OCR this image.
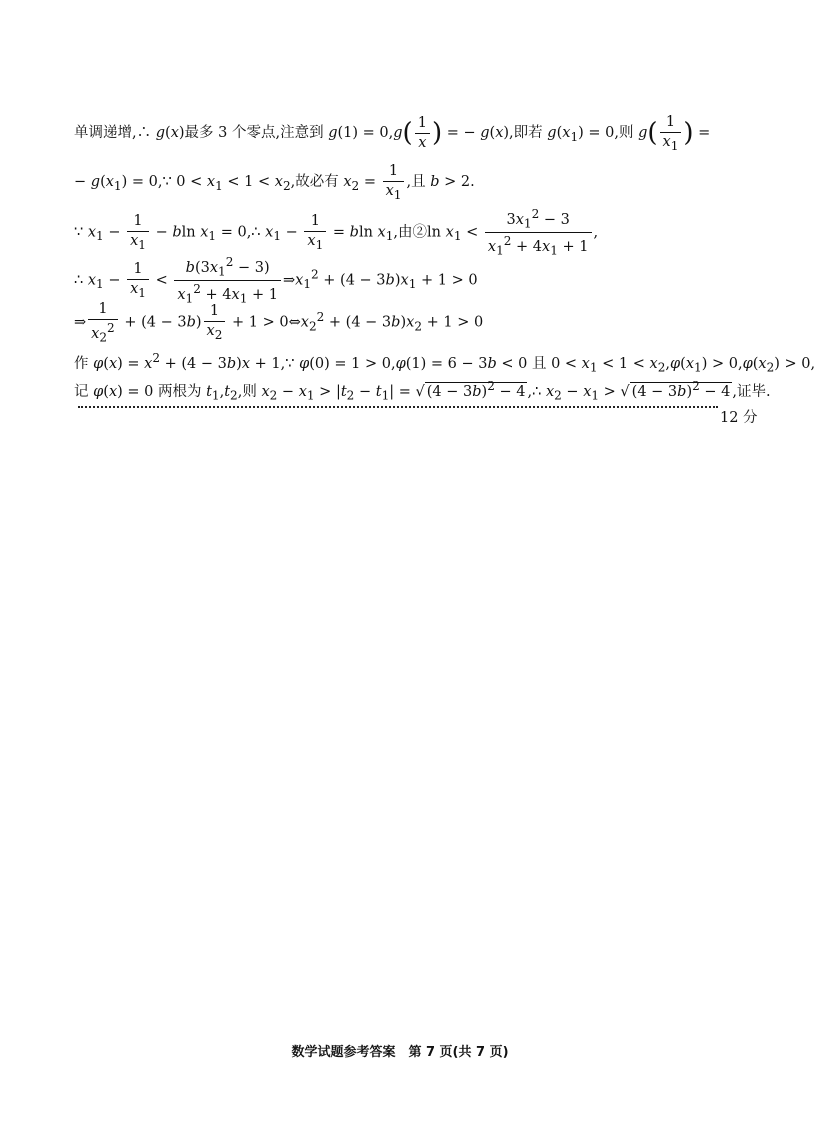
单调递增,∴ g(x)最多 3 个零点,注意到 $g(1) = 0,g( \frac{1}{x}$ ) = − g(x),即若 $g(x_1) = 0$,则 $g( \frac{1}{x_1}$ ) =
− $g(x_1)$ = 0,∵ $0 < x_1 < 1 < x_2$,故必有 $x_2 = \frac{1}{x_1}$ ,且 b > 2.
∵ $x_1 - \frac{1}{x_1} - bln$ $x_1$ = 0,∴ $x_1 - \frac{1}{x_1} = bln$ $x_1$,由②ln $x_1 < \frac{3x_1^2 - 3}{x_1^2 + 4x_1 + 1}$ ,
∴ $x_1 - \frac{1}{x_1} < \frac{b(3x_1^2 - 3)}{x_1^2 + 4x_1 + 1}$ $\Rightarrow x_1^2 + (4 - 3b)x_1 + 1 > 0$
⇒ $\frac{1}{x_2^2} + (4 - 3b) \frac{1}{x_2} + 1$ > $0\Leftrightarrow x_2^2 + (4 - 3b)x_2 + 1 > 0$
作 $\varphi(x) = x^2 + (4 - 3b)x$ + 1,∵ φ(0) = 1 > 0,φ(1) = 6 − 3b < 0 且 $0 < x_1 < 1 < x_2,\varphi(x_1) > 0,\varphi(x_2) > 0$,
记 φ(x) = 0 两根为 $t_1,t_2$,则 $x_2 - x_1 > |t_2 - t_1|$ = √ $(4 - 3b)^2 - 4$ ,∴ $x_2 - x_1$ > √ $(4 - 3b)^2 - 4$ ,证毕.
12 分
数学试题参考答案　第 7 页(共 7 页)
